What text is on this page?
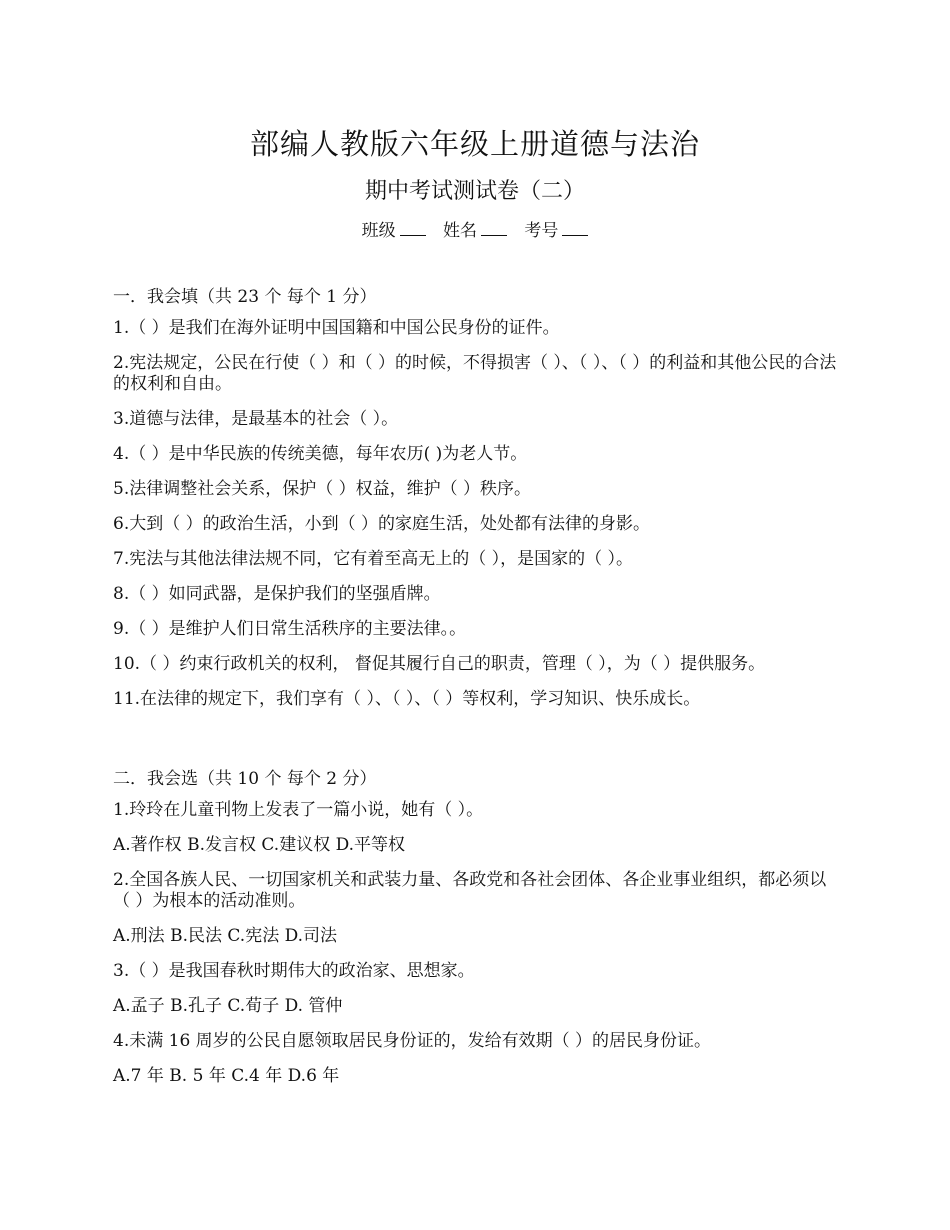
部编人教版六年级上册道德与法治
期中考试测试卷（二）
班级	姓名	考号
一．我会填（共 23 个 每个 1 分）
1.（ ）是我们在海外证明中国国籍和中国公民身份的证件。
2.宪法规定，公民在行使（ ）和（ ）的时候，不得损害（ ）、（ ）、（ ）的利益和其他公民的合法的权利和自由。
3.道德与法律，是最基本的社会（ ）。
4.（ ）是中华民族的传统美德，每年农历( )为老人节。
5.法律调整社会关系，保护（ ）权益，维护（ ）秩序。
6.大到（ ）的政治生活，小到（ ）的家庭生活，处处都有法律的身影。
7.宪法与其他法律法规不同，它有着至高无上的（ ），是国家的（ ）。
8.（ ）如同武器，是保护我们的坚强盾牌。
9.（ ）是维护人们日常生活秩序的主要法律。。
10.（ ）约束行政机关的权利， 督促其履行自己的职责，管理（ ），为（ ）提供服务。
11.在法律的规定下，我们享有（ ）、（ ）、（ ）等权利，学习知识、快乐成长。
二．我会选（共 10 个 每个 2 分）
1.玲玲在儿童刊物上发表了一篇小说，她有（ ）。
A.著作权 B.发言权 C.建议权 D.平等权
2.全国各族人民、一切国家机关和武装力量、各政党和各社会团体、各企业事业组织，都必须以（ ）为根本的活动准则。
A.刑法 B.民法 C.宪法 D.司法
3.（ ）是我国春秋时期伟大的政治家、思想家。
A.孟子 B.孔子 C.荀子 D. 管仲
4.未满 16 周岁的公民自愿领取居民身份证的，发给有效期（ ）的居民身份证。
A.7 年 B. 5 年 C.4 年 D.6 年
